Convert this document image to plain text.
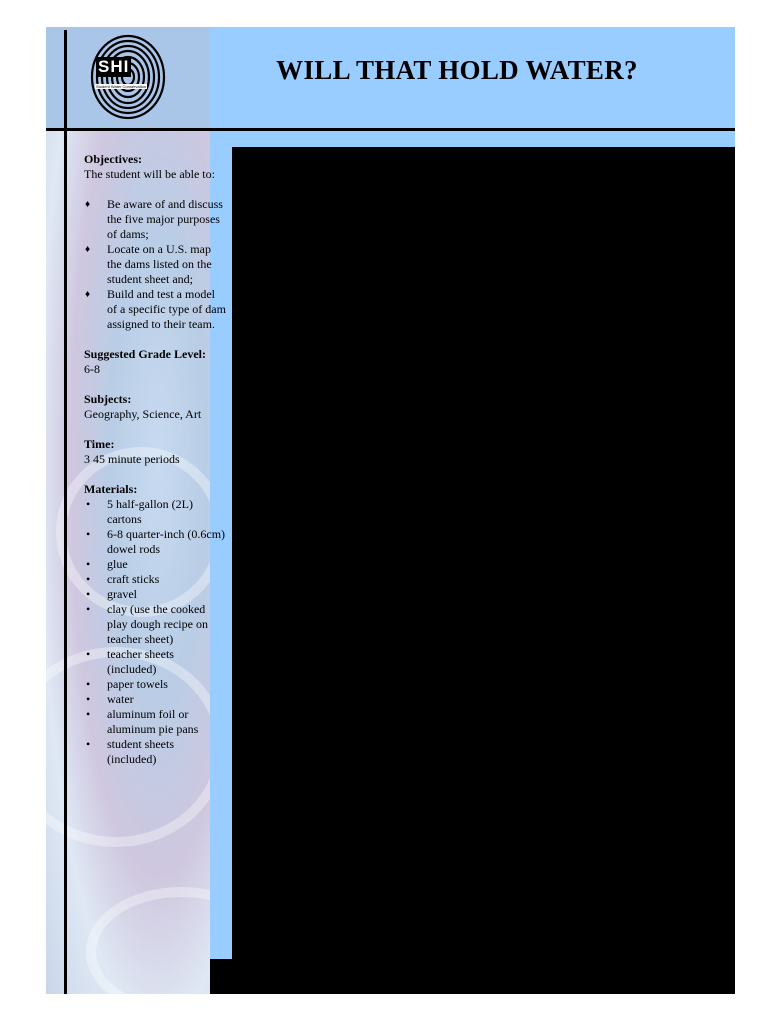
SHI
Student Water Conservation
WILL THAT HOLD WATER?
Objectives:

The student will be able to:

♦ Be aware of and discuss the five major purposes of dams;
♦ Locate on a U.S. map the dams listed on the student sheet and;
♦ Build and test a model of a specific type of dam assigned to their team.
Suggested Grade Level:

6-8

Subjects:

Geography, Science, Art

Time:

3 45 minute periods

Materials:
• 5 half-gallon (2L) cartons
• 6-8 quarter-inch (0.6cm) dowel rods
• glue
• craft sticks
• gravel
• clay (use the cooked play dough recipe on teacher sheet)
• teacher sheets (included)
• paper towels
• water
• aluminum foil or aluminum pie pans
• student sheets (included)
